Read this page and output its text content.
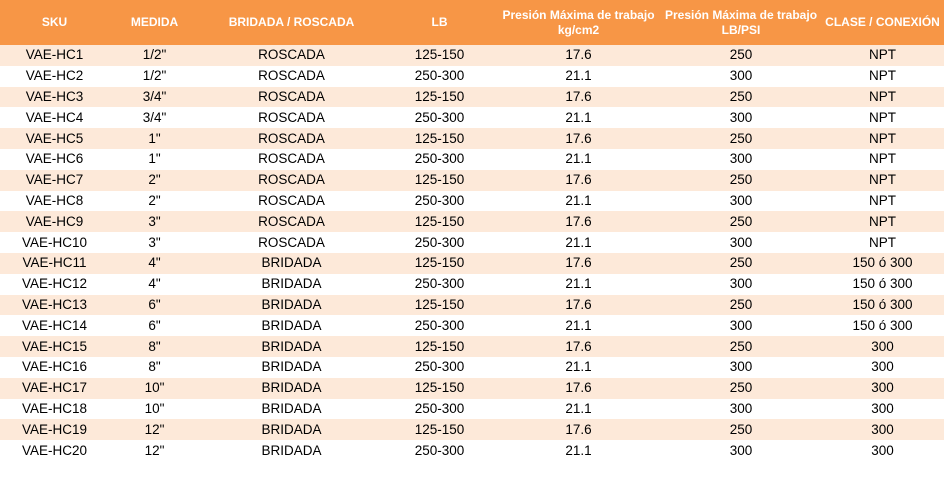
SKU	MEDIDA	BRIDADA / ROSCADA	LB	Presión Máxima de trabajo kg/cm2	Presión Máxima de trabajo LB/PSI	CLASE / CONEXIÓN
VAE-HC1	1/2"	ROSCADA	125-150	17.6	250	NPT
VAE-HC2	1/2"	ROSCADA	250-300	21.1	300	NPT
VAE-HC3	3/4"	ROSCADA	125-150	17.6	250	NPT
VAE-HC4	3/4"	ROSCADA	250-300	21.1	300	NPT
VAE-HC5	1"	ROSCADA	125-150	17.6	250	NPT
VAE-HC6	1"	ROSCADA	250-300	21.1	300	NPT
VAE-HC7	2"	ROSCADA	125-150	17.6	250	NPT
VAE-HC8	2"	ROSCADA	250-300	21.1	300	NPT
VAE-HC9	3"	ROSCADA	125-150	17.6	250	NPT
VAE-HC10	3"	ROSCADA	250-300	21.1	300	NPT
VAE-HC11	4"	BRIDADA	125-150	17.6	250	150 ó 300
VAE-HC12	4"	BRIDADA	250-300	21.1	300	150 ó 300
VAE-HC13	6"	BRIDADA	125-150	17.6	250	150 ó 300
VAE-HC14	6"	BRIDADA	250-300	21.1	300	150 ó 300
VAE-HC15	8"	BRIDADA	125-150	17.6	250	300
VAE-HC16	8"	BRIDADA	250-300	21.1	300	300
VAE-HC17	10"	BRIDADA	125-150	17.6	250	300
VAE-HC18	10"	BRIDADA	250-300	21.1	300	300
VAE-HC19	12"	BRIDADA	125-150	17.6	250	300
VAE-HC20	12"	BRIDADA	250-300	21.1	300	300
